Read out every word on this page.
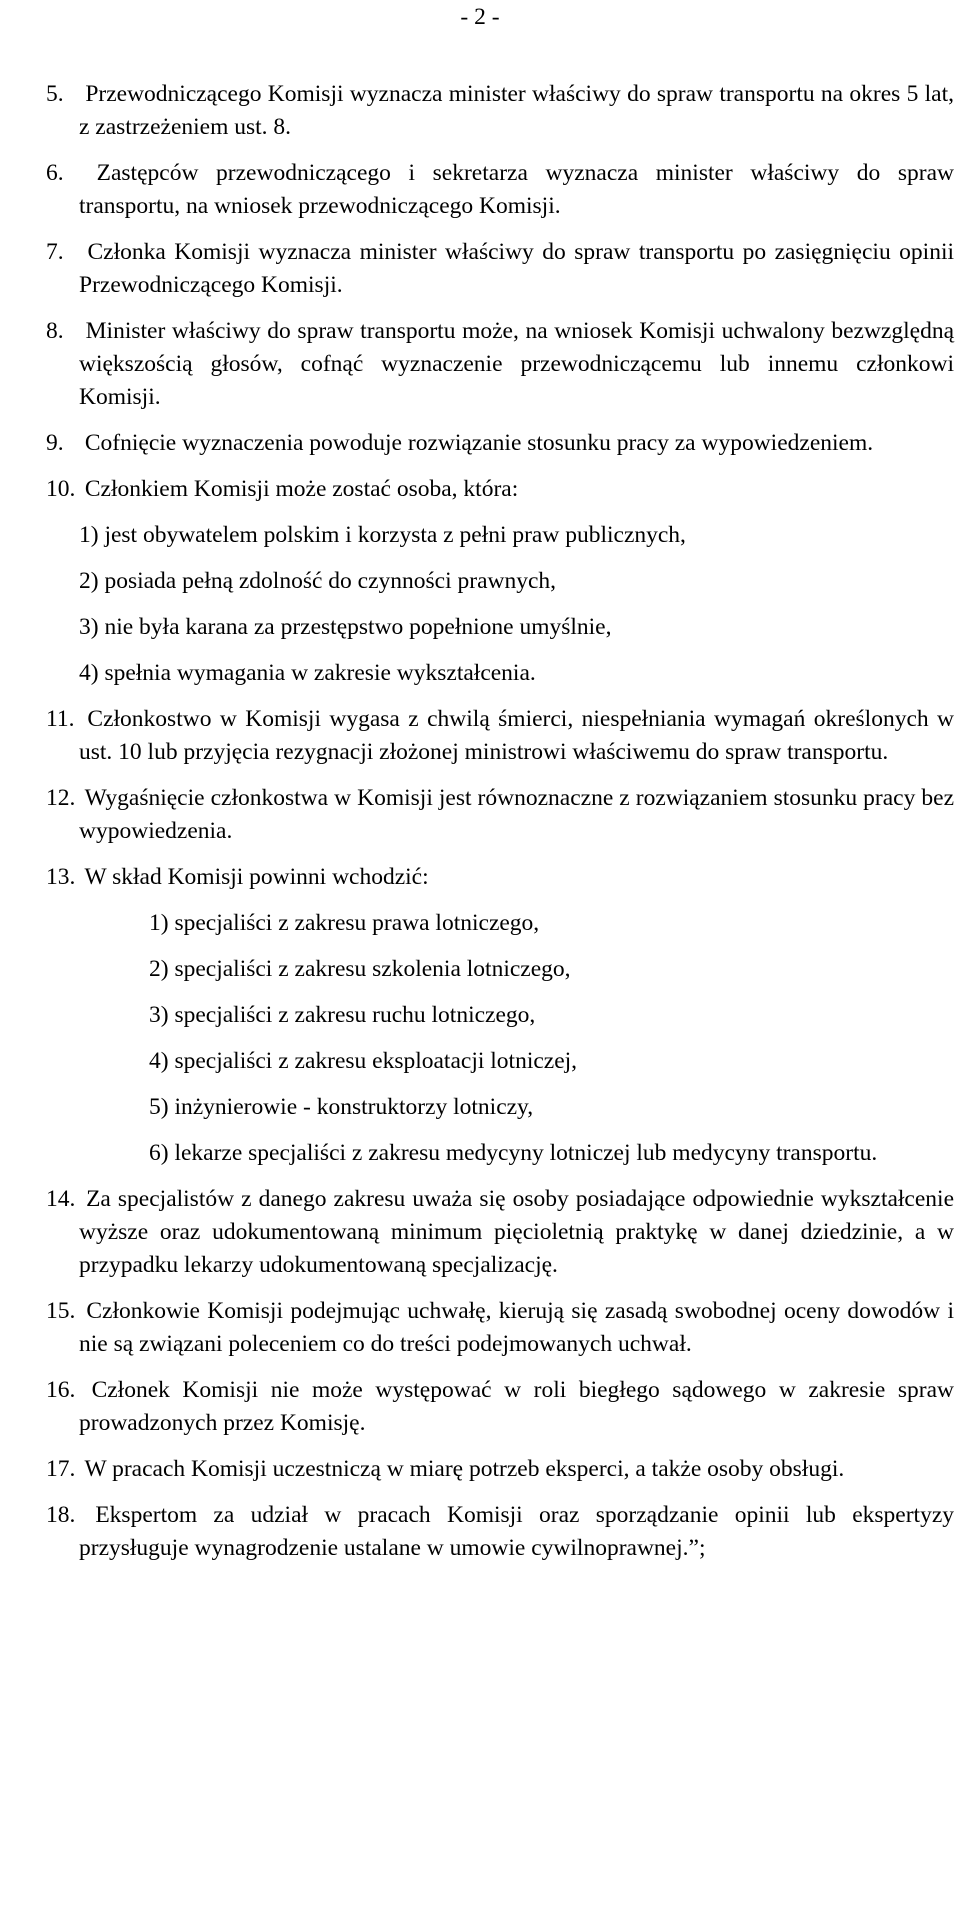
- 2 -
5. Przewodniczącego Komisji wyznacza minister właściwy do spraw transportu na okres 5 lat, z zastrzeżeniem ust. 8.
6. Zastępców przewodniczącego i sekretarza wyznacza minister właściwy do spraw transportu, na wniosek przewodniczącego Komisji.
7. Członka Komisji wyznacza minister właściwy do spraw transportu po zasięgnięciu opinii Przewodniczącego Komisji.
8. Minister właściwy do spraw transportu może, na wniosek Komisji uchwalony bezwzględną większością głosów, cofnąć wyznaczenie przewodniczącemu lub innemu członkowi Komisji.
9. Cofnięcie wyznaczenia powoduje rozwiązanie stosunku pracy za wypowiedzeniem.
10. Członkiem Komisji może zostać osoba, która:
1) jest obywatelem polskim i korzysta z pełni praw publicznych,
2) posiada pełną zdolność do czynności prawnych,
3) nie była karana za przestępstwo popełnione umyślnie,
4) spełnia wymagania w zakresie wykształcenia.
11. Członkostwo w Komisji wygasa z chwilą śmierci, niespełniania wymagań określonych w ust. 10 lub przyjęcia rezygnacji złożonej ministrowi właściwemu do spraw transportu.
12. Wygaśnięcie członkostwa w Komisji jest równoznaczne z rozwiązaniem stosunku pracy bez wypowiedzenia.
13. W skład Komisji powinni wchodzić:
1) specjaliści z zakresu prawa lotniczego,
2) specjaliści z zakresu szkolenia lotniczego,
3) specjaliści z zakresu ruchu lotniczego,
4) specjaliści z zakresu eksploatacji lotniczej,
5) inżynierowie - konstruktorzy lotniczy,
6) lekarze specjaliści z zakresu medycyny lotniczej lub medycyny transportu.
14. Za specjalistów z danego zakresu uważa się osoby posiadające odpowiednie wykształcenie wyższe oraz udokumentowaną minimum pięcioletnią praktykę w danej dziedzinie, a w przypadku lekarzy udokumentowaną specjalizację.
15. Członkowie Komisji podejmując uchwałę, kierują się zasadą swobodnej oceny dowodów i nie są związani poleceniem co do treści podejmowanych uchwał.
16. Członek Komisji nie może występować w roli biegłego sądowego w zakresie spraw prowadzonych przez Komisję.
17. W pracach Komisji uczestniczą w miarę potrzeb eksperci, a także osoby obsługi.
18. Ekspertom za udział w pracach Komisji oraz sporządzanie opinii lub ekspertyzy przysługuje wynagrodzenie ustalane w umowie cywilnoprawnej.”;
